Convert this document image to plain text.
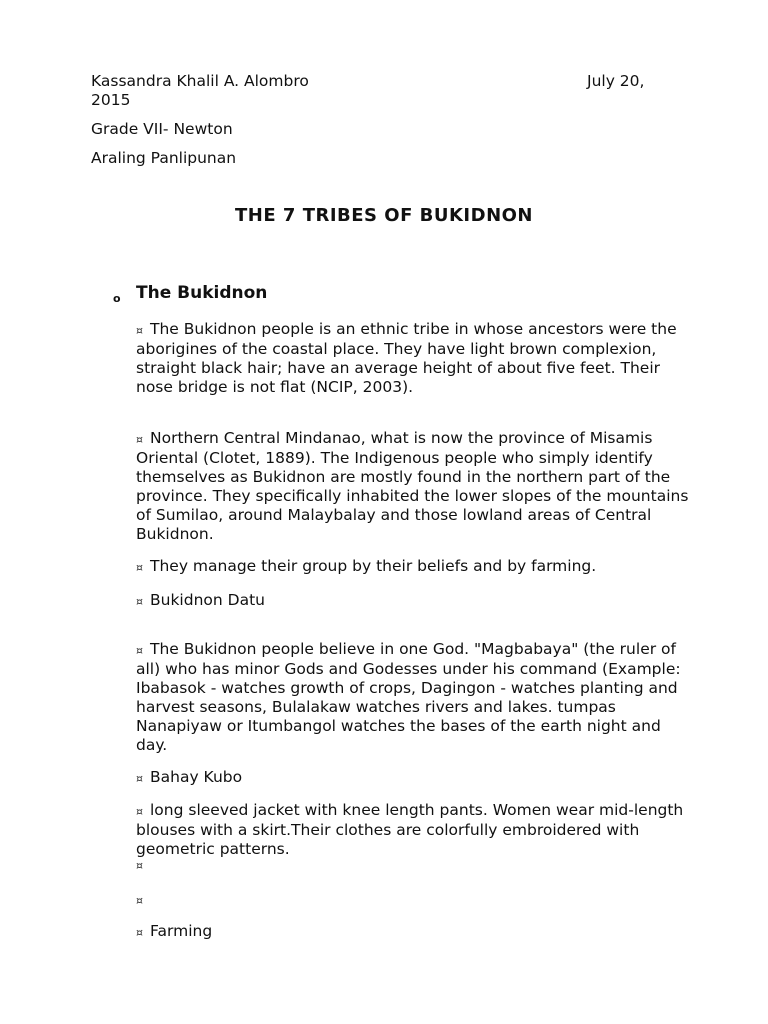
Kassandra Khalil A. Alombro	July 20,
2015
Grade VII- Newton
Araling Panlipunan
THE 7 TRIBES OF BUKIDNON
o The Bukidnon
¤ The Bukidnon people is an ethnic tribe in whose ancestors were the aborigines of the coastal place. They have light brown complexion, straight black hair; have an average height of about five feet. Their nose bridge is not flat (NCIP, 2003).
¤ Northern Central Mindanao, what is now the province of Misamis Oriental (Clotet, 1889). The Indigenous people who simply identify themselves as Bukidnon are mostly found in the northern part of the province. They specifically inhabited the lower slopes of the mountains of Sumilao, around Malaybalay and those lowland areas of Central Bukidnon.
¤ They manage their group by their beliefs and by farming.
¤ Bukidnon Datu
¤ The Bukidnon people believe in one God. "Magbabaya" (the ruler of all) who has minor Gods and Godesses under his command (Example: Ibabasok - watches growth of crops, Dagingon - watches planting and harvest seasons, Bulalakaw watches rivers and lakes. tumpas Nanapiyaw or Itumbangol watches the bases of the earth night and day.
¤ Bahay Kubo
¤ long sleeved jacket with knee length pants. Women wear mid-length blouses with a skirt.Their clothes are colorfully embroidered with geometric patterns.
¤
¤
¤ Farming
